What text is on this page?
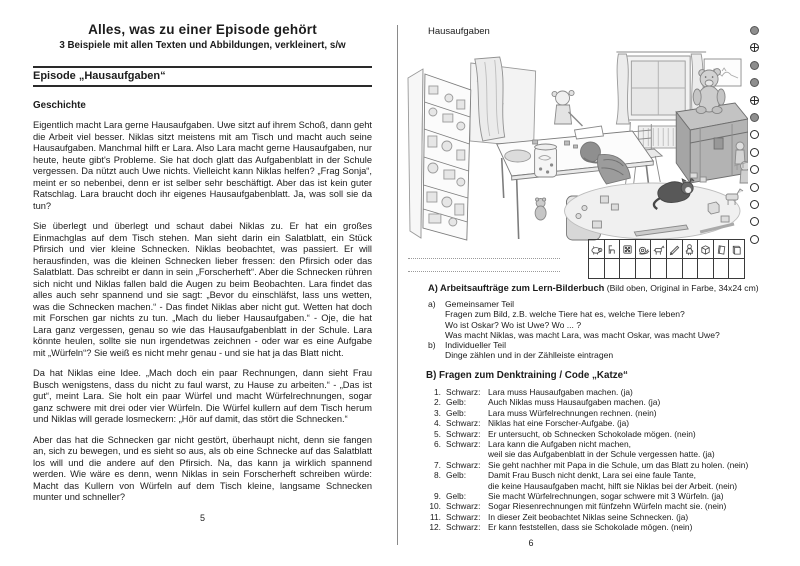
Alles, was zu einer Episode gehört
3 Beispiele mit allen Texten und Abbildungen, verkleinert, s/w
Episode „Hausaufgaben“
Geschichte

Eigentlich macht Lara gerne Hausaufgaben. Uwe sitzt auf ihrem Schoß, dann geht die Arbeit viel besser. Niklas sitzt meistens mit am Tisch und macht auch seine Hausaufgaben. Manchmal hilft er Lara. Also Lara macht gerne Hausaufgaben, nur heute, heute gibt's Probleme. Sie hat doch glatt das Aufgabenblatt in der Schule vergessen. Da nützt auch Uwe nichts. Vielleicht kann Niklas helfen? „Frag Sonja“, meint er so nebenbei, denn er ist selber sehr beschäftigt. Aber das ist kein guter Ratschlag. Lara braucht doch ihr eigenes Hausaufgabenblatt. Ja, was soll sie da tun?

Sie überlegt und überlegt und schaut dabei Niklas zu. Er hat ein großes Einmachglas auf dem Tisch stehen. Man sieht darin ein Salatblatt, ein Stück Pfirsich und vier kleine Schnecken. Niklas beobachtet, was passiert. Er will herausfinden, was die kleinen Schnecken lieber fressen: den Pfirsich oder das Salatblatt. Das schreibt er dann in sein „Forscherheft“. Aber die Schnecken rühren sich nicht und Niklas fallen bald die Augen zu beim Beobachten. Lara findet das alles auch sehr spannend und sie sagt: „Bevor du einschläfst, lass uns wetten, was die Schnecken machen.“ - Das findet Niklas aber nicht gut. Wetten hat doch mit Forschen gar nichts zu tun. „Mach du lieber Hausaufgaben.“ - Oje, die hat Lara ganz vergessen, genau so wie das Hausaufgabenblatt in der Schule. Lara könnte heulen, sollte sie nun irgendetwas zeichnen - oder war es eine Aufgabe mit „Würfeln“? Sie weiß es nicht mehr genau - und sie hat ja das Blatt nicht.

Da hat Niklas eine Idee. „Mach doch ein paar Rechnungen, dann sieht Frau Busch wenigstens, dass du nicht zu faul warst, zu Hause zu arbeiten.“ - „Das ist gut“, meint Lara. Sie holt ein paar Würfel und macht Würfelrechnungen, sogar ganz schwere mit drei oder vier Würfeln. Die Würfel kullern auf dem Tisch herum und Niklas will gerade losmeckern: „Hör auf damit, das stört die Schnecken.“

Aber das hat die Schnecken gar nicht gestört, überhaupt nicht, denn sie fangen an, sich zu bewegen, und es sieht so aus, als ob eine Schnecke auf das Salatblatt los will und die andere auf den Pfirsich. Na, das kann ja wirklich spannend werden. Wie wäre es denn, wenn Niklas in sein Forscherheft schreiben würde: Macht das Kullern von Würfeln auf dem Tisch kleine, langsame Schnecken munter und schneller?

5
Hausaufgaben

A) Arbeitsaufträge zum Lern-Bilderbuch (Bild oben, Original in Farbe, 34x24 cm)
a)	Gemeinsamer Teil
Fragen zum Bild, z.B. welche Tiere hat es, welche Tiere leben?
Wo ist Oskar? Wo ist Uwe? Wo ... ?
Was macht Niklas, was macht Lara, was macht Oskar, was macht Uwe?
b)	Individueller Teil
Dinge zählen und in der Zählleiste eintragen
B) Fragen zum Denktraining / Code „Katze“
1. Schwarz: Lara muss Hausaufgaben machen. (ja)
2. Gelb:	Auch Niklas muss Hausaufgaben machen. (ja)
3. Gelb:	Lara muss Würfelrechnungen rechnen. (nein)
4. Schwarz: Niklas hat eine Forscher-Aufgabe. (ja)
5. Schwarz: Er untersucht, ob Schnecken Schokolade mögen. (nein)
6. Schwarz: Lara kann die Aufgaben nicht machen,
weil sie das Aufgabenblatt in der Schule vergessen hatte. (ja)
7. Schwarz: Sie geht nachher mit Papa in die Schule, um das Blatt zu holen. (nein)
8. Gelb:	Damit Frau Busch nicht denkt, Lara sei eine faule Tante,
die keine Hausaufgaben macht, hilft sie Niklas bei der Arbeit. (nein)
9. Gelb:	Sie macht Würfelrechnungen, sogar schwere mit 3 Würfeln. (ja)
10. Schwarz: Sogar Riesenrechnungen mit fünfzehn Würfeln macht sie. (nein)
11. Schwarz: In dieser Zeit beobachtet Niklas seine Schnecken. (ja)
12. Schwarz: Er kann feststellen, dass sie Schokolade mögen. (nein)
6
